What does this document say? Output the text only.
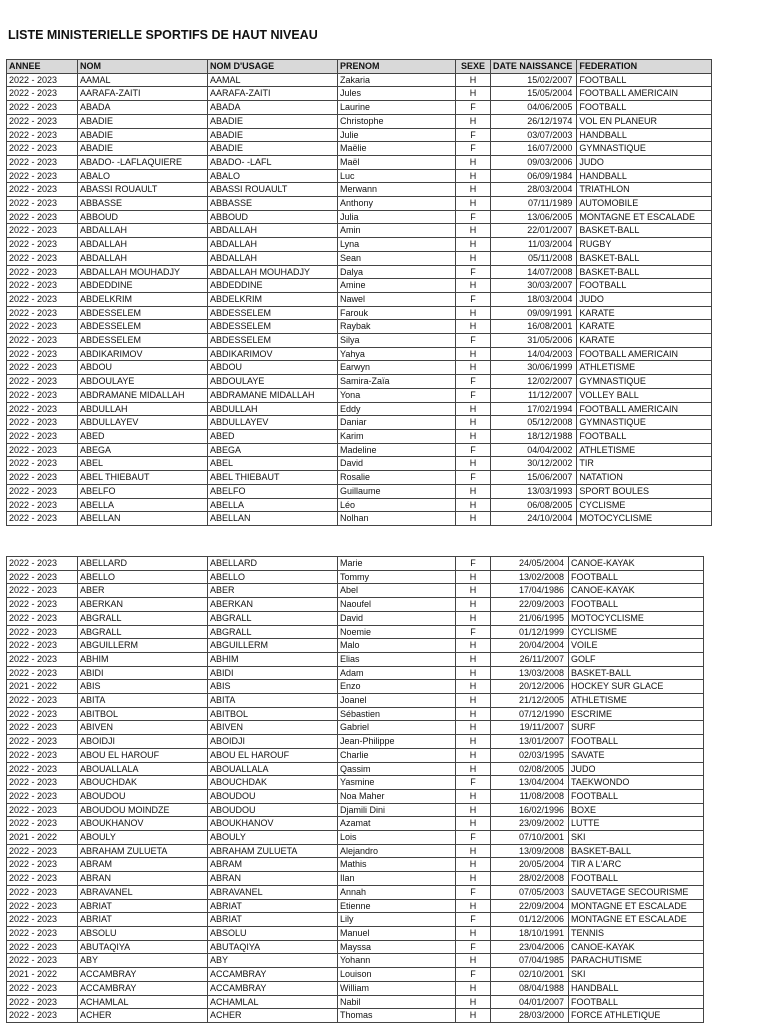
LISTE MINISTERIELLE SPORTIFS DE HAUT NIVEAU
ANNEE	NOM	NOM D'USAGE	PRENOM	SEXE	DATE NAISSANCE	FEDERATION
2022 - 2023	AAMAL	AAMAL	Zakaria	H	15/02/2007	FOOTBALL
2022 - 2023	AARAFA-ZAITI	AARAFA-ZAITI	Jules	H	15/05/2004	FOOTBALL AMERICAIN
2022 - 2023	ABADA	ABADA	Laurine	F	04/06/2005	FOOTBALL
2022 - 2023	ABADIE	ABADIE	Christophe	H	26/12/1974	VOL EN PLANEUR
2022 - 2023	ABADIE	ABADIE	Julie	F	03/07/2003	HANDBALL
2022 - 2023	ABADIE	ABADIE	Maëlie	F	16/07/2000	GYMNASTIQUE
2022 - 2023	ABADO- -LAFLAQUIERE	ABADO- -LAFL	Maël	H	09/03/2006	JUDO
2022 - 2023	ABALO	ABALO	Luc	H	06/09/1984	HANDBALL
2022 - 2023	ABASSI ROUAULT	ABASSI ROUAULT	Merwann	H	28/03/2004	TRIATHLON
2022 - 2023	ABBASSE	ABBASSE	Anthony	H	07/11/1989	AUTOMOBILE
2022 - 2023	ABBOUD	ABBOUD	Julia	F	13/06/2005	MONTAGNE ET ESCALADE
2022 - 2023	ABDALLAH	ABDALLAH	Amin	H	22/01/2007	BASKET-BALL
2022 - 2023	ABDALLAH	ABDALLAH	Lyna	H	11/03/2004	RUGBY
2022 - 2023	ABDALLAH	ABDALLAH	Sean	H	05/11/2008	BASKET-BALL
2022 - 2023	ABDALLAH MOUHADJY	ABDALLAH MOUHADJY	Dalya	F	14/07/2008	BASKET-BALL
2022 - 2023	ABDEDDINE	ABDEDDINE	Amine	H	30/03/2007	FOOTBALL
2022 - 2023	ABDELKRIM	ABDELKRIM	Nawel	F	18/03/2004	JUDO
2022 - 2023	ABDESSELEM	ABDESSELEM	Farouk	H	09/09/1991	KARATE
2022 - 2023	ABDESSELEM	ABDESSELEM	Raybak	H	16/08/2001	KARATE
2022 - 2023	ABDESSELEM	ABDESSELEM	Silya	F	31/05/2006	KARATE
2022 - 2023	ABDIKARIMOV	ABDIKARIMOV	Yahya	H	14/04/2003	FOOTBALL AMERICAIN
2022 - 2023	ABDOU	ABDOU	Earwyn	H	30/06/1999	ATHLETISME
2022 - 2023	ABDOULAYE	ABDOULAYE	Samira-Zaïa	F	12/02/2007	GYMNASTIQUE
2022 - 2023	ABDRAMANE MIDALLAH	ABDRAMANE MIDALLAH	Yona	F	11/12/2007	VOLLEY BALL
2022 - 2023	ABDULLAH	ABDULLAH	Eddy	H	17/02/1994	FOOTBALL AMERICAIN
2022 - 2023	ABDULLAYEV	ABDULLAYEV	Daniar	H	05/12/2008	GYMNASTIQUE
2022 - 2023	ABED	ABED	Karim	H	18/12/1988	FOOTBALL
2022 - 2023	ABEGA	ABEGA	Madeline	F	04/04/2002	ATHLETISME
2022 - 2023	ABEL	ABEL	David	H	30/12/2002	TIR
2022 - 2023	ABEL THIEBAUT	ABEL THIEBAUT	Rosalie	F	15/06/2007	NATATION
2022 - 2023	ABELFO	ABELFO	Guillaume	H	13/03/1993	SPORT BOULES
2022 - 2023	ABELLA	ABELLA	Léo	H	06/08/2005	CYCLISME
2022 - 2023	ABELLAN	ABELLAN	Nolhan	H	24/10/2004	MOTOCYCLISME
2022 - 2023	ABELLARD	ABELLARD	Marie	F	24/05/2004	CANOE-KAYAK
2022 - 2023	ABELLO	ABELLO	Tommy	H	13/02/2008	FOOTBALL
2022 - 2023	ABER	ABER	Abel	H	17/04/1986	CANOE-KAYAK
2022 - 2023	ABERKAN	ABERKAN	Naoufel	H	22/09/2003	FOOTBALL
2022 - 2023	ABGRALL	ABGRALL	David	H	21/06/1995	MOTOCYCLISME
2022 - 2023	ABGRALL	ABGRALL	Noemie	F	01/12/1999	CYCLISME
2022 - 2023	ABGUILLERM	ABGUILLERM	Malo	H	20/04/2004	VOILE
2022 - 2023	ABHIM	ABHIM	Elias	H	26/11/2007	GOLF
2022 - 2023	ABIDI	ABIDI	Adam	H	13/03/2008	BASKET-BALL
2021 - 2022	ABIS	ABIS	Enzo	H	20/12/2006	HOCKEY SUR GLACE
2022 - 2023	ABITA	ABITA	Joanel	H	21/12/2005	ATHLETISME
2022 - 2023	ABITBOL	ABITBOL	Sébastien	H	07/12/1990	ESCRIME
2022 - 2023	ABIVEN	ABIVEN	Gabriel	H	19/11/2007	SURF
2022 - 2023	ABOIDJI	ABOIDJI	Jean-Philippe	H	13/01/2007	FOOTBALL
2022 - 2023	ABOU EL HAROUF	ABOU EL HAROUF	Charlie	H	02/03/1995	SAVATE
2022 - 2023	ABOUALLALA	ABOUALLALA	Qassim	H	02/08/2005	JUDO
2022 - 2023	ABOUCHDAK	ABOUCHDAK	Yasmine	F	13/04/2004	TAEKWONDO
2022 - 2023	ABOUDOU	ABOUDOU	Noa Maher	H	11/08/2008	FOOTBALL
2022 - 2023	ABOUDOU MOINDZE	ABOUDOU	Djamili Dini	H	16/02/1996	BOXE
2022 - 2023	ABOUKHANOV	ABOUKHANOV	Azamat	H	23/09/2002	LUTTE
2021 - 2022	ABOULY	ABOULY	Lois	F	07/10/2001	SKI
2022 - 2023	ABRAHAM ZULUETA	ABRAHAM ZULUETA	Alejandro	H	13/09/2008	BASKET-BALL
2022 - 2023	ABRAM	ABRAM	Mathis	H	20/05/2004	TIR A L'ARC
2022 - 2023	ABRAN	ABRAN	Ilan	H	28/02/2008	FOOTBALL
2022 - 2023	ABRAVANEL	ABRAVANEL	Annah	F	07/05/2003	SAUVETAGE SECOURISME
2022 - 2023	ABRIAT	ABRIAT	Etienne	H	22/09/2004	MONTAGNE ET ESCALADE
2022 - 2023	ABRIAT	ABRIAT	Lily	F	01/12/2006	MONTAGNE ET ESCALADE
2022 - 2023	ABSOLU	ABSOLU	Manuel	H	18/10/1991	TENNIS
2022 - 2023	ABUTAQIYA	ABUTAQIYA	Mayssa	F	23/04/2006	CANOE-KAYAK
2022 - 2023	ABY	ABY	Yohann	H	07/04/1985	PARACHUTISME
2021 - 2022	ACCAMBRAY	ACCAMBRAY	Louison	F	02/10/2001	SKI
2022 - 2023	ACCAMBRAY	ACCAMBRAY	William	H	08/04/1988	HANDBALL
2022 - 2023	ACHAMLAL	ACHAMLAL	Nabil	H	04/01/2007	FOOTBALL
2022 - 2023	ACHER	ACHER	Thomas	H	28/03/2000	FORCE ATHLETIQUE
